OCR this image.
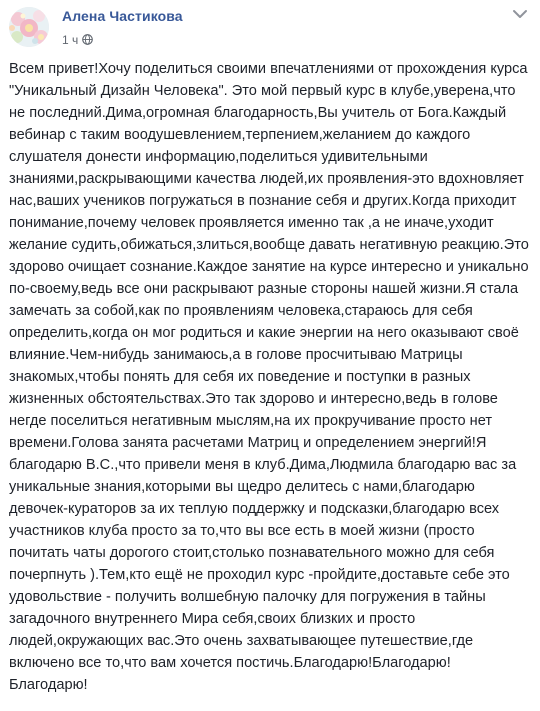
Алена Частикова
1 ч
Всем привет!Хочу поделиться своими впечатлениями от прохождения курса "Уникальный Дизайн Человека". Это мой первый курс в клубе,уверена,что не последний.Дима,огромная благодарность,Вы учитель от Бога.Каждый вебинар с таким воодушевлением,терпением,желанием до каждого слушателя донести информацию,поделиться удивительными знаниями,раскрывающими качества людей,их проявления-это вдохновляет нас,ваших учеников погружаться в познание себя и других.Когда приходит понимание,почему человек проявляется именно так ,а не иначе,уходит желание судить,обижаться,злиться,вообще давать негативную реакцию.Это здорово очищает сознание.Каждое занятие на курсе интересно и уникально по-своему,ведь все они раскрывают разные стороны нашей жизни.Я стала замечать за собой,как по проявлениям человека,стараюсь для себя определить,когда он мог родиться и какие энергии на него оказывают своё влияние.Чем-нибудь занимаюсь,а в голове просчитываю Матрицы знакомых,чтобы понять для себя их поведение и поступки в разных жизненных обстоятельствах.Это так здорово и интересно,ведь в голове негде поселиться негативным мыслям,на их прокручивание просто нет времени.Голова занята расчетами Матриц и определением энергий!Я благодарю В.С.,что привели меня в клуб.Дима,Людмила благодарю вас за уникальные знания,которыми вы щедро делитесь с нами,благодарю девочек-кураторов за их теплую поддержку и подсказки,благодарю всех участников клуба просто за то,что вы все есть в моей жизни (просто почитать чаты дорогого стоит,столько познавательного можно для себя почерпнуть ).Тем,кто ещё не проходил курс -пройдите,доставьте себе это удовольствие - получить волшебную палочку для погружения в тайны загадочного внутреннего Мира себя,своих близких и просто людей,окружающих вас.Это очень захватывающее путешествие,где включено все то,что вам хочется постичь.Благодарю!Благодарю! Благодарю!
